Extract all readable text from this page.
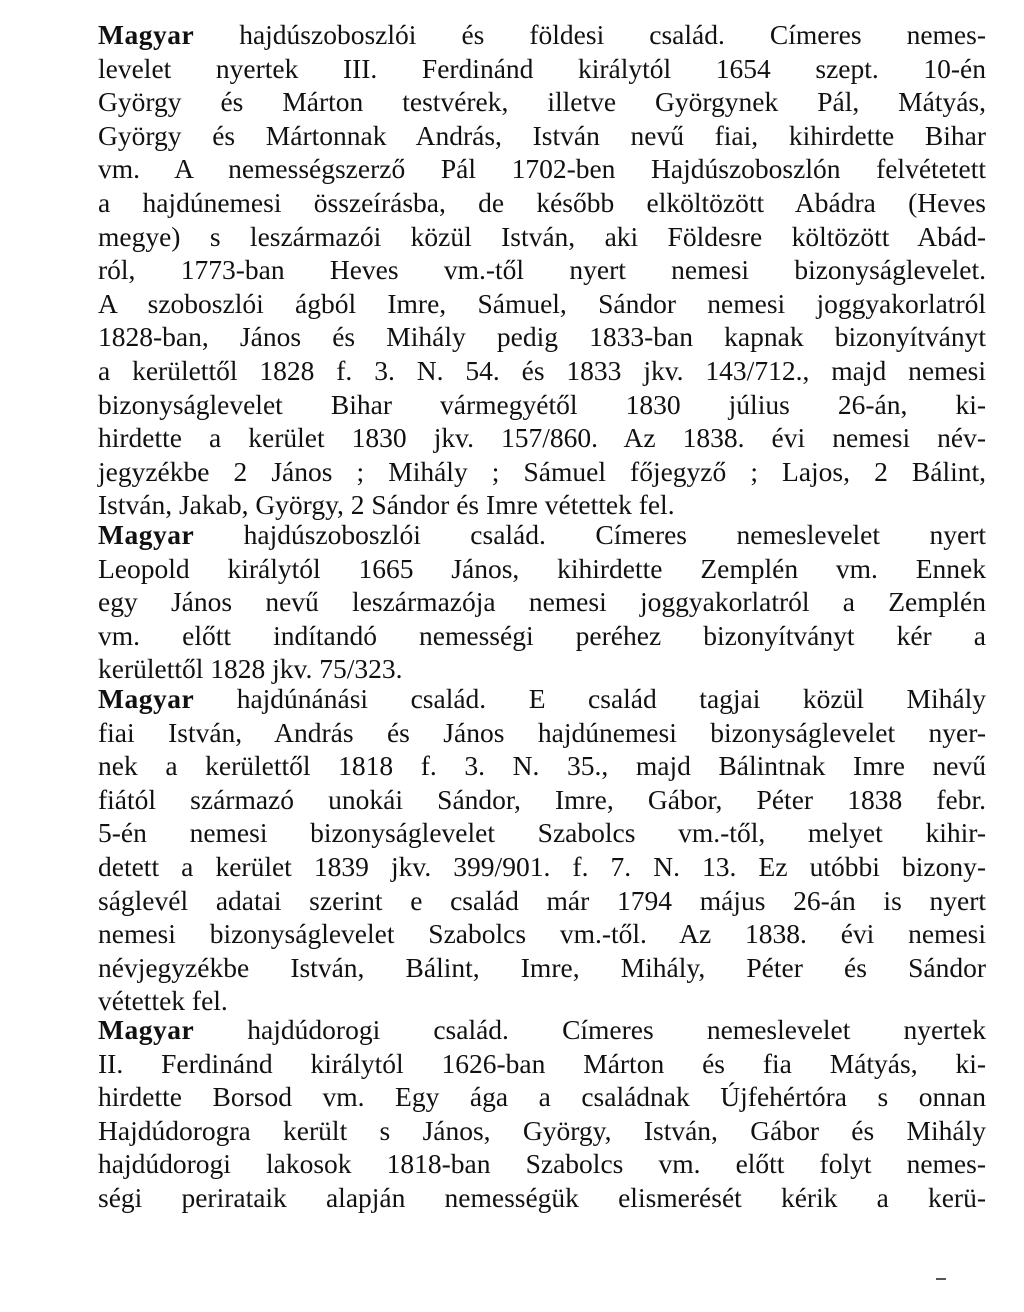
Magyar hajdúszoboszlói és földesi család. Címeres nemes-
levelet nyertek III. Ferdinánd királytól 1654 szept. 10-én
György és Márton testvérek, illetve Györgynek Pál, Mátyás,
György és Mártonnak András, István nevű fiai, kihirdette Bihar
vm. A nemességszerző Pál 1702-ben Hajdúszoboszlón felvétetett
a hajdúnemesi összeírásba, de később elköltözött Abádra (Heves
megye) s leszármazói közül István, aki Földesre költözött Abád-
ról, 1773-ban Heves vm.-től nyert nemesi bizonyságlevelet.
A szoboszlói ágból Imre, Sámuel, Sándor nemesi joggyakorlatról
1828-ban, János és Mihály pedig 1833-ban kapnak bizonyítványt
a kerülettől 1828 f. 3. N. 54. és 1833 jkv. 143/712., majd nemesi
bizonyságlevelet Bihar vármegyétől 1830 július 26-án, ki-
hirdette a kerület 1830 jkv. 157/860. Az 1838. évi nemesi név-
jegyzékbe 2 János ; Mihály ; Sámuel főjegyző ; Lajos, 2 Bálint,
István, Jakab, György, 2 Sándor és Imre vétettek fel.
Magyar hajdúszoboszlói család. Címeres nemeslevelet nyert
Leopold királytól 1665 János, kihirdette Zemplén vm. Ennek
egy János nevű leszármazója nemesi joggyakorlatról a Zemplén
vm. előtt indítandó nemességi peréhez bizonyítványt kér a
kerülettől 1828 jkv. 75/323.
Magyar hajdúnánási család. E család tagjai közül Mihály
fiai István, András és János hajdúnemesi bizonyságlevelet nyer-
nek a kerülettől 1818 f. 3. N. 35., majd Bálintnak Imre nevű
fiától származó unokái Sándor, Imre, Gábor, Péter 1838 febr.
5-én nemesi bizonyságlevelet Szabolcs vm.-től, melyet kihir-
detett a kerület 1839 jkv. 399/901. f. 7. N. 13. Ez utóbbi bizony-
ságlevél adatai szerint e család már 1794 május 26-án is nyert
nemesi bizonyságlevelet Szabolcs vm.-től. Az 1838. évi nemesi
névjegyzékbe István, Bálint, Imre, Mihály, Péter és Sándor
vétettek fel.
Magyar hajdúdorogi család. Címeres nemeslevelet nyertek
II. Ferdinánd királytól 1626-ban Márton és fia Mátyás, ki-
hirdette Borsod vm. Egy ága a családnak Újfehértóra s onnan
Hajdúdorogra került s János, György, István, Gábor és Mihály
hajdúdorogi lakosok 1818-ban Szabolcs vm. előtt folyt nemes-
ségi perirataik alapján nemességük elismerését kérik a kerü-
